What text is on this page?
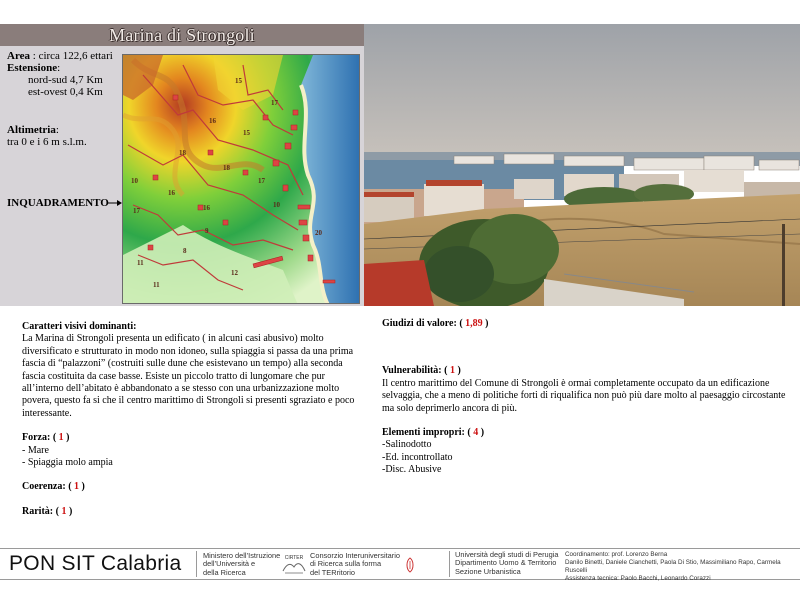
Marina di Strongoli
Area : circa 122,6 ettari
Estensione:
nord-sud 4,7 Km
est-ovest 0,4 Km
Altimetria:
tra 0 e i 6 m s.l.m.
INQUADRAMENTO
15
17
16
15
18
10
16
16
9	20
17
12
11
10
18
17
11
8
Caratteri visivi dominanti:
La Marina di Strongoli presenta un edificato ( in alcuni casi abusivo) molto diversificato e strutturato in modo non idoneo, sulla spiaggia si passa da una prima fascia di “palazzoni” (costruiti sulle dune che esistevano un tempo) alla seconda fascia costituita da case basse. Esiste un piccolo tratto di lungomare che pur all’interno dell’abitato è abbandonato a se stesso con una urbanizzazione molto povera, questo fa si che il centro marittimo di Strongoli si presenti sgraziato e poco interessante.
Forza: ( 1 )
- Mare
- Spiaggia molo ampia
Coerenza: ( 1 )
Rarità: ( 1 )
Giudizi di valore: ( 1,89 )
Vulnerabilità: ( 1 )
Il centro marittimo del Comune di Strongoli è ormai completamente occupato da un edificazione selvaggia, che a meno di politiche forti di riqualifica non può più dare molto al paesaggio circostante ma solo deprimerlo ancora di più.
Elementi impropri: ( 4 )
-Salinodotto
-Ed. incontrollato
-Disc. Abusive
PON SIT Calabria	Ministero dell’Istruzione
dell’Università e
della Ricerca
CIRTER Consorzio Interuniversitario
di Ricerca sulla forma
del TERritorio
Università degli studi di Perugia
Dipartimento Uomo & Territorio
Sezione Urbanistica
Coordinamento: prof. Lorenzo Berna
Danilo Binetti, Daniele Cianchetti, Paola Di Stio, Massimiliano Rapo, Carmela Ruscelli
Assistenza tecnica: Paolo Bacchi, Leonardo Corazzi
